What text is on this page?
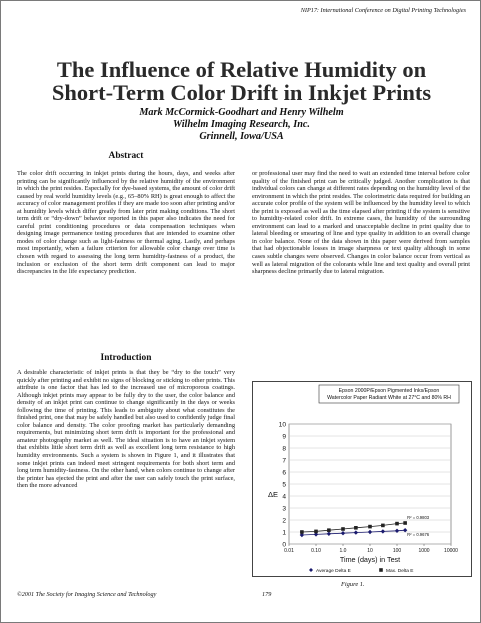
NIP17: International Conference on Digital Printing Technologies
The Influence of Relative Humidity on
Short-Term Color Drift in Inkjet Prints
Mark McCormick-Goodhart and Henry Wilhelm
Wilhelm Imaging Research, Inc.
Grinnell, Iowa/USA
Abstract
The color drift occurring in inkjet prints during the hours, days, and weeks after printing can be significantly influenced by the relative humidity of the environment in which the print resides. Especially for dye-based systems, the amount of color drift caused by real world humidity levels (e.g., 65–80% RH) is great enough to affect the accuracy of color management profiles if they are made too soon after printing and/or at humidity levels which differ greatly from later print making conditions. The short term drift or “dry-down” behavior reported in this paper also indicates the need for careful print conditioning procedures or data compensation techniques when designing image permanence testing procedures that are intended to examine other modes of color change such as light-fastness or thermal aging. Lastly, and perhaps most importantly, when a failure criterion for allowable color change over time is chosen with regard to assessing the long term humidity-fastness of a product, the inclusion or exclusion of the short term drift component can lead to major discrepancies in the life expectancy prediction.
or professional user may find the need to wait an extended time interval before color quality of the finished print can be critically judged. Another complication is that individual colors can change at different rates depending on the humidity level of the environment in which the print resides. The colorimetric data required for building an accurate color profile of the system will be influenced by the humidity level to which the print is exposed as well as the time elapsed after printing if the system is sensitive to humidity-related color drift. In extreme cases, the humidity of the surrounding environment can lead to a marked and unacceptable decline in print quality due to lateral bleeding or smearing of line and type quality in addition to an overall change in color balance. None of the data shown in this paper were derived from samples that had objectionable losses in image sharpness or text quality although in some cases subtle changes were observed. Changes in color balance occur from vertical as well as lateral migration of the colorants while line and text quality and overall print sharpness decline primarily due to lateral migration.
Introduction
A desirable characteristic of inkjet prints is that they be “dry to the touch” very quickly after printing and exhibit no signs of blocking or sticking to other prints. This attribute is one factor that has led to the increased use of microporous coatings. Although inkjet prints may appear to be fully dry to the user, the color balance and density of an inkjet print can continue to change significantly in the days or weeks following the time of printing. This leads to ambiguity about what constitutes the finished print, one that may be safely handled but also used to confidently judge final color balance and density. The color proofing market has particularly demanding requirements, but minimizing short term drift is important for the professional and amateur photography market as well. The ideal situation is to have an inkjet system that exhibits little short term drift as well as excellent long term resistance to high humidity environments. Such a system is shown in Figure 1, and it illustrates that some inkjet prints can indeed meet stringent requirements for both short term and long term humidity-fastness. On the other hand, when colors continue to change after the printer has ejected the print and after the user can safely touch the print surface, then the more advanced
Epson 2000P/Epson Pigmented Inks/Epson
Watercolor Paper Radiant White at 27°C and 80% RH
0
1
2
3
4
5
6
7
8
9
10
0.01	0.10	1.0	10	100	1000	10000
ΔE
Time (days) in Test
R² = 0.9676
R² = 0.9803
Average Delta E	Max. Delta E
Figure 1.
©2001 The Society for Imaging Science and Technology	179
